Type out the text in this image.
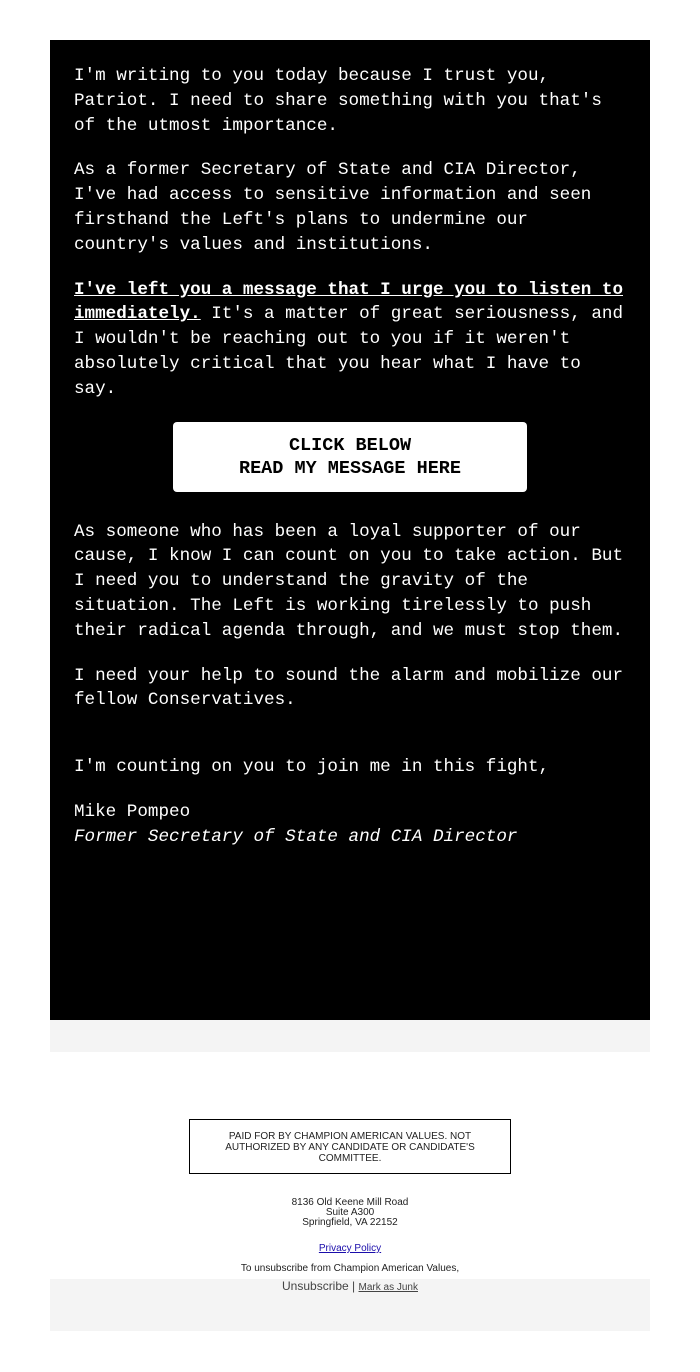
I'm writing to you today because I trust you, Patriot. I need to share something with you that's of the utmost importance.

As a former Secretary of State and CIA Director, I've had access to sensitive information and seen firsthand the Left's plans to undermine our country's values and institutions.

I've left you a message that I urge you to listen to immediately. It's a matter of great seriousness, and I wouldn't be reaching out to you if it weren't absolutely critical that you hear what I have to say.

CLICK BELOW
READ MY MESSAGE HERE

As someone who has been a loyal supporter of our cause, I know I can count on you to take action. But I need you to understand the gravity of the situation. The Left is working tirelessly to push their radical agenda through, and we must stop them.

I need your help to sound the alarm and mobilize our fellow Conservatives.

I'm counting on you to join me in this fight,

Mike Pompeo
Former Secretary of State and CIA Director
PAID FOR BY CHAMPION AMERICAN VALUES. NOT AUTHORIZED BY ANY CANDIDATE OR CANDIDATE'S COMMITTEE.
8136 Old Keene Mill Road
Suite A300
Springfield, VA 22152
Privacy Policy
To unsubscribe from Champion American Values,
Unsubscribe | Mark as Junk
